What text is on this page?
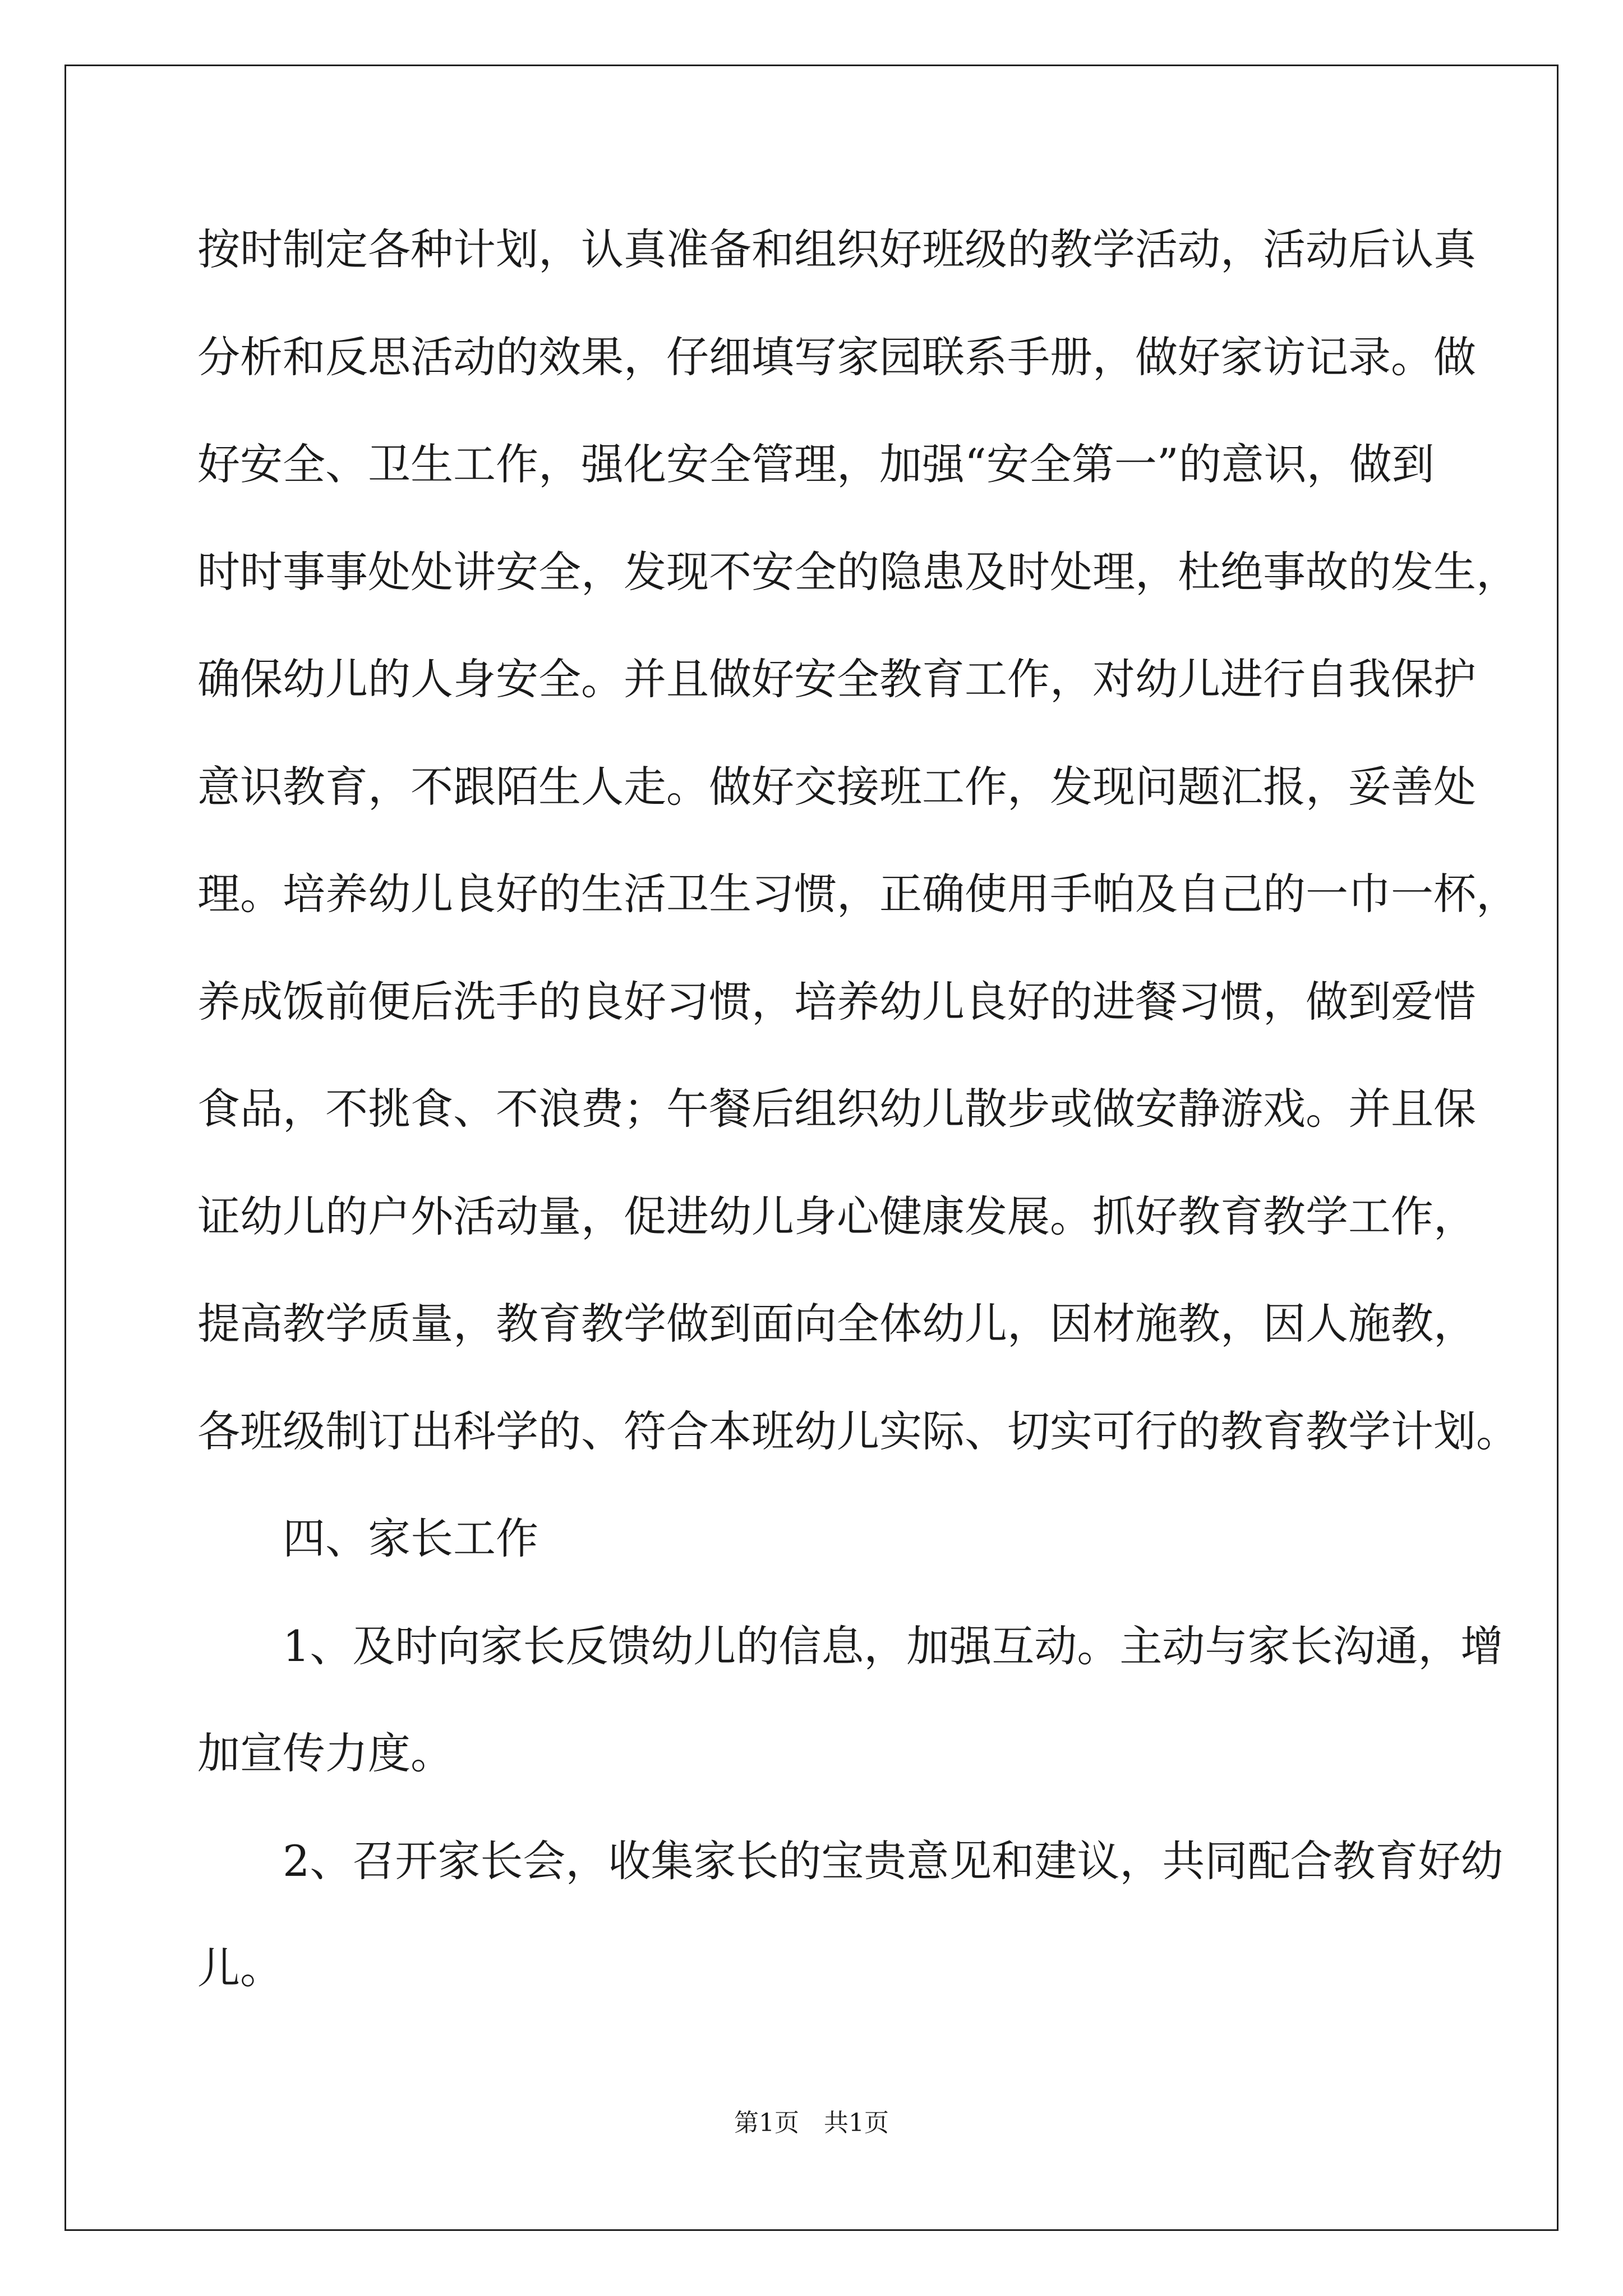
按时制定各种计划，认真准备和组织好班级的教学活动，活动后认真
分析和反思活动的效果，仔细填写家园联系手册，做好家访记录。做
好安全、卫生工作，强化安全管理，加强“安全第一”的意识，做到
时时事事处处讲安全，发现不安全的隐患及时处理，杜绝事故的发生，
确保幼儿的人身安全。并且做好安全教育工作，对幼儿进行自我保护
意识教育，不跟陌生人走。做好交接班工作，发现问题汇报，妥善处
理。培养幼儿良好的生活卫生习惯，正确使用手帕及自己的一巾一杯，
养成饭前便后洗手的良好习惯，培养幼儿良好的进餐习惯，做到爱惜
食品，不挑食、不浪费；午餐后组织幼儿散步或做安静游戏。并且保
证幼儿的户外活动量，促进幼儿身心健康发展。抓好教育教学工作，
提高教学质量，教育教学做到面向全体幼儿，因材施教，因人施教，
各班级制订出科学的、符合本班幼儿实际、切实可行的教育教学计划。
四、家长工作
1、及时向家长反馈幼儿的信息，加强互动。主动与家长沟通，增
加宣传力度。
2、召开家长会，收集家长的宝贵意见和建议，共同配合教育好幼
儿。
第1页　共1页
